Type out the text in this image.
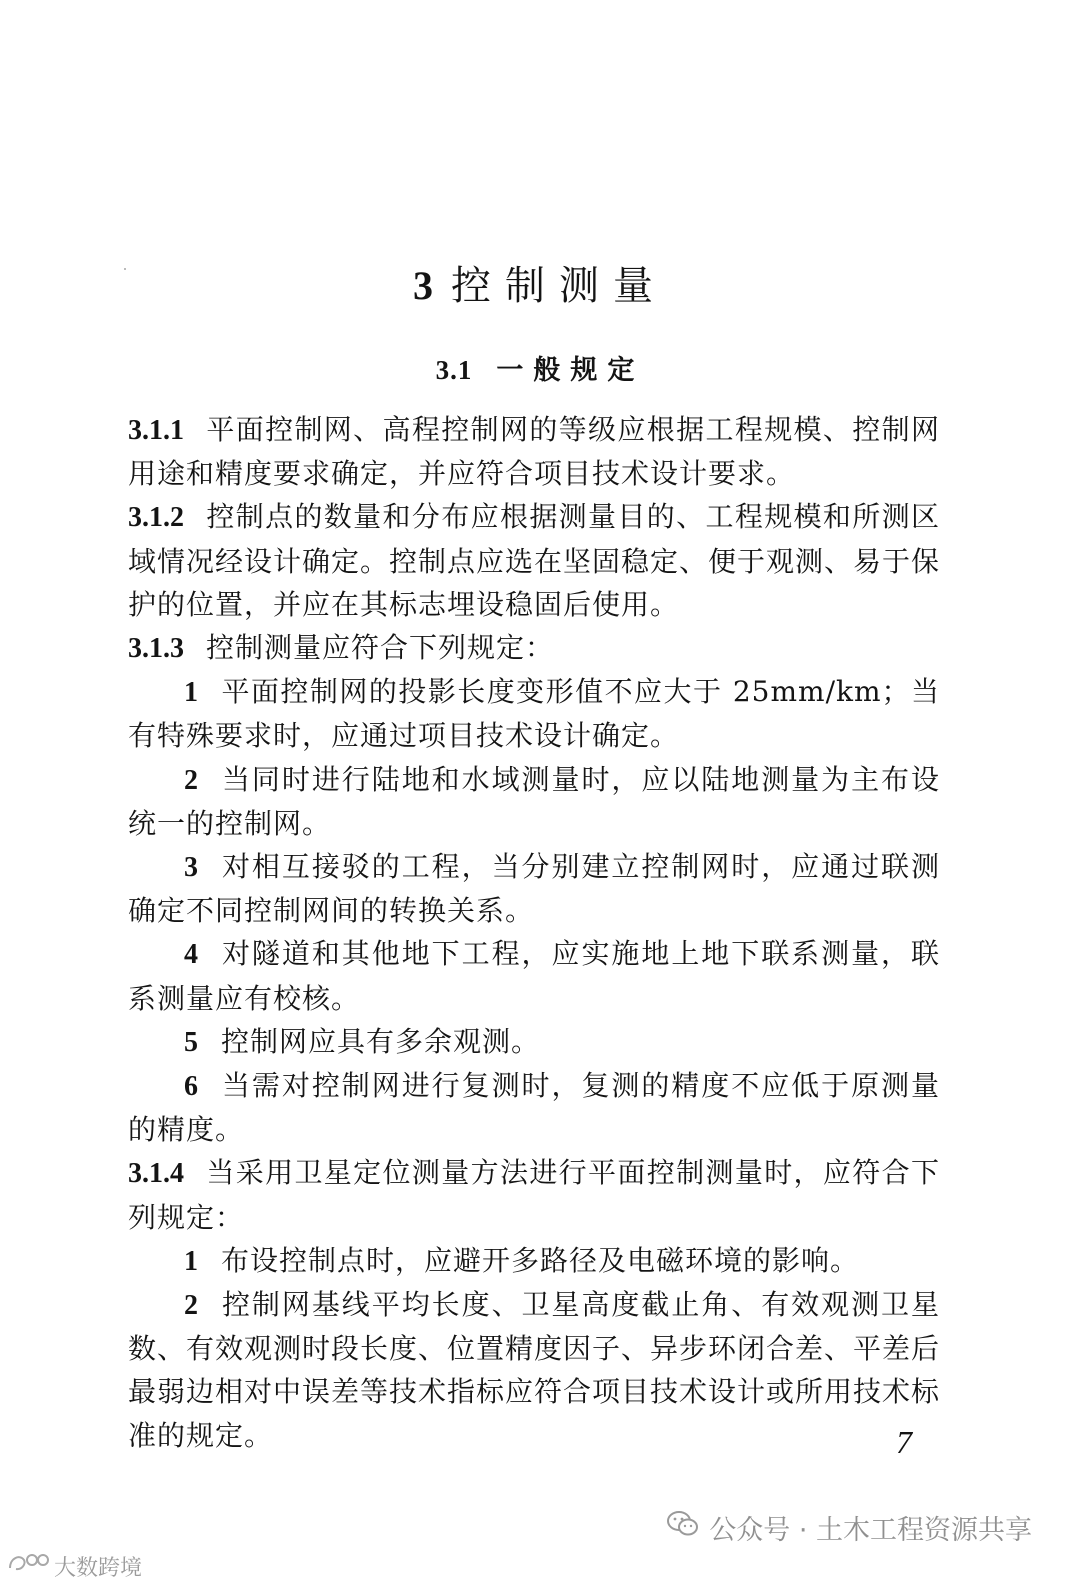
3 控制测量
3.1 一般规定

3.1.1 平面控制网、高程控制网的等级应根据工程规模、控制网用途和精度要求确定，并应符合项目技术设计要求。

3.1.2 控制点的数量和分布应根据测量目的、工程规模和所测区域情况经设计确定。控制点应选在坚固稳定、便于观测、易于保护的位置，并应在其标志埋设稳固后使用。

3.1.3 控制测量应符合下列规定：

1 平面控制网的投影长度变形值不应大于 25mm/km；当有特殊要求时，应通过项目技术设计确定。

2 当同时进行陆地和水域测量时，应以陆地测量为主布设统一的控制网。

3 对相互接驳的工程，当分别建立控制网时，应通过联测确定不同控制网间的转换关系。

4 对隧道和其他地下工程，应实施地上地下联系测量，联系测量应有校核。

5 控制网应具有多余观测。

6 当需对控制网进行复测时，复测的精度不应低于原测量的精度。

3.1.4 当采用卫星定位测量方法进行平面控制测量时，应符合下列规定：

1 布设控制点时，应避开多路径及电磁环境的影响。

2 控制网基线平均长度、卫星高度截止角、有效观测卫星数、有效观测时段长度、位置精度因子、异步环闭合差、平差后最弱边相对中误差等技术指标应符合项目技术设计或所用技术标准的规定。	7
公众号 · 土木工程资源共享
大数跨境
